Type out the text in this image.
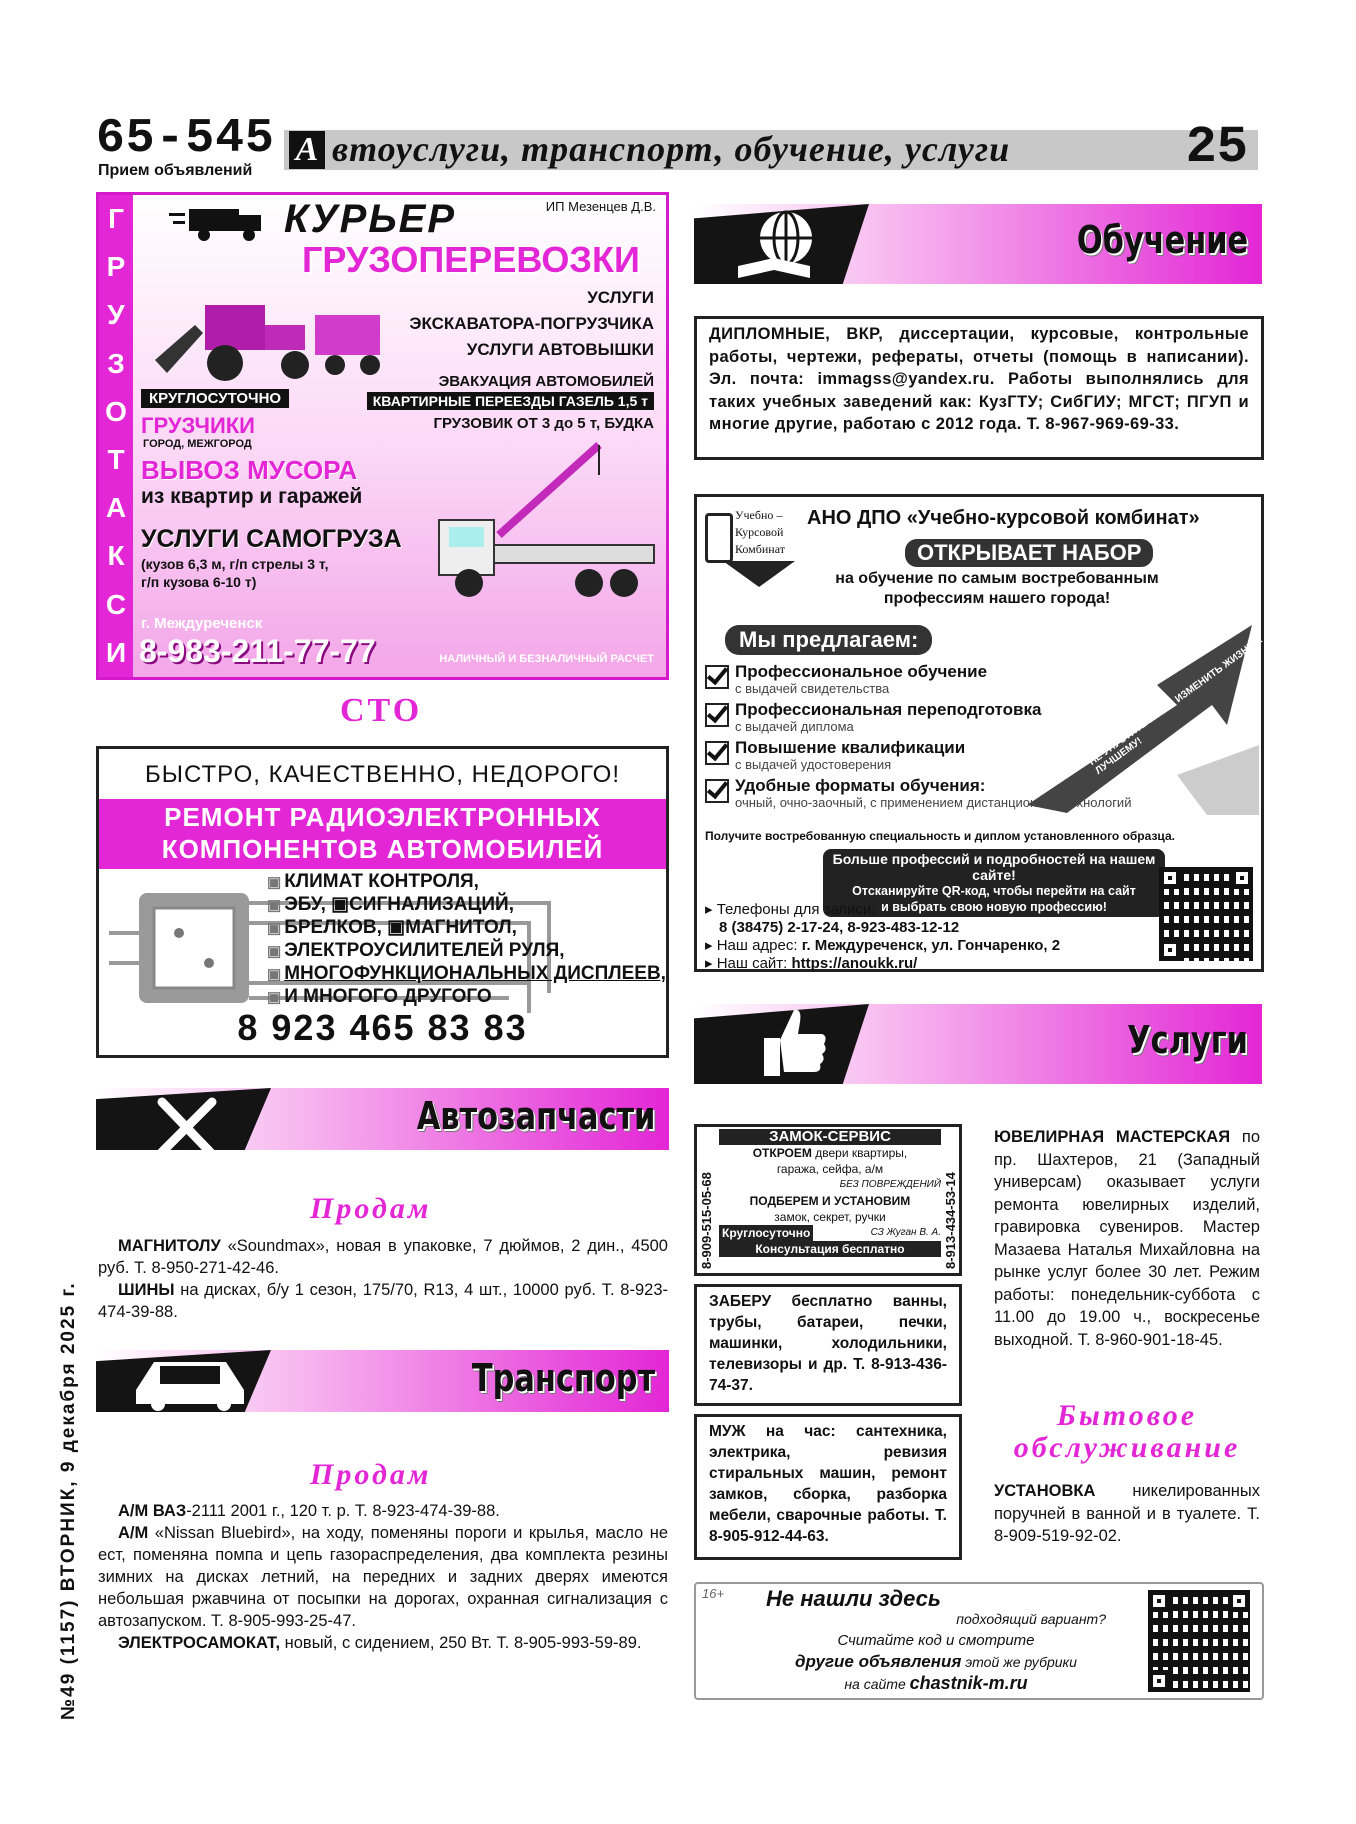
65-545
Прием объявлений
А втоуслуги, транспорт, обучение, услуги	25
№49 (1157) ВТОРНИК, 9 декабря 2025 г.
Г
Р
У
З
О
Т
А
К
С
И
ИП Мезенцев Д.В.
КУРЬЕР
ГРУЗОПЕРЕВОЗКИ
УСЛУГИ
ЭКСКАВАТОРА-ПОГРУЗЧИКА
УСЛУГИ АВТОВЫШКИ
ЭВАКУАЦИЯ АВТОМОБИЛЕЙ
КРУГЛОСУТОЧНО	КВАРТИРНЫЕ ПЕРЕЕЗДЫ ГАЗЕЛЬ 1,5 т
ГРУЗЧИКИ	ГРУЗОВИК ОТ 3 до 5 т, БУДКА
ГОРОД, МЕЖГОРОД
ВЫВОЗ МУСОРА
из квартир и гаражей
УСЛУГИ САМОГРУЗА
(кузов 6,3 м, г/п стрелы 3 т,
г/п кузова 6-10 т)
г. Междуреченск
8-983-211-77-77	НАЛИЧНЫЙ И БЕЗНАЛИЧНЫЙ РАСЧЕТ
СТО
БЫСТРО, КАЧЕСТВЕННО, НЕДОРОГО!
РЕМОНТ РАДИОЭЛЕКТРОННЫХ
КОМПОНЕНТОВ АВТОМОБИЛЕЙ
▣ КЛИМАТ КОНТРОЛЯ,
▣ ЭБУ, ▣СИГНАЛИЗАЦИЙ,
▣ БРЕЛКОВ, ▣МАГНИТОЛ,
▣ ЭЛЕКТРОУСИЛИТЕЛЕЙ РУЛЯ,
▣ МНОГОФУНКЦИОНАЛЬНЫХ ДИСПЛЕЕВ,
▣ И МНОГОГО ДРУГОГО
8 923 465 83 83
Автозапчасти
Продам
МАГНИТОЛУ «Soundmax», новая в упаковке, 7 дюймов, 2 дин., 4500 руб. Т. 8-950-271-42-46.
ШИНЫ на дисках, б/у 1 сезон, 175/70, R13, 4 шт., 10000 руб. Т. 8-923-474-39-88.
Транспорт
Продам
А/М ВАЗ-2111 2001 г., 120 т. р. Т. 8-923-474-39-88.
А/М «Nissan Bluebird», на ходу, поменяны пороги и крылья, масло не ест, поменяна помпа и цепь газораспределения, два комплекта резины зимних на дисках летний, на передних и задних дверях имеются небольшая ржавчина от посыпки на дорогах, охранная сигнализация с автозапуском. Т. 8-905-993-25-47.
ЭЛЕКТРОСАМОКАТ, новый, с сидением, 250 Вт. Т. 8-905-993-59-89.
Обучение
ДИПЛОМНЫЕ, ВКР, диссертации, курсовые, контрольные работы, чертежи, рефераты, отчеты (помощь в написании). Эл. почта: immagss@yandex.ru. Работы выполнялись для таких учебных заведений как: КузГТУ; СибГИУ; МГСТ; ПГУП и многие другие, работаю с 2012 года. Т. 8-967-969-69-33.
Учебно –
Курсовой
Комбинат
АНО ДПО «Учебно-курсовой комбинат»
ОТКРЫВАЕТ НАБОР
на обучение по самым востребованным профессиям нашего города!
НЕ УПУСТИТЕ ШАНС ИЗМЕНИТЬ ЖИЗНЬ К ЛУЧШЕМУ!
Мы предлагаем:
Профессиональное обучение
с выдачей свидетельства
Профессиональная переподготовка
с выдачей диплома
Повышение квалификации
с выдачей удостоверения
Удобные форматы обучения:
очный, очно-заочный, с применением дистанционных технологий
Получите востребованную специальность и диплом установленного образца.
Больше профессий и подробностей на нашем сайте!
Отсканируйте QR-код, чтобы перейти на сайт
и выбрать свою новую профессию!
▸ Телефоны для записи:
8 (38475) 2-17-24, 8-923-483-12-12
▸ Наш адрес: г. Междуреченск, ул. Гончаренко, 2
▸ Наш сайт: https://anoukk.ru/
Услуги
8-909-515-05-68	8-913-434-53-14
ЗАМОК-СЕРВИС
ОТКРОЕМ двери квартиры,
гаража, сейфа, а/м
БЕЗ ПОВРЕЖДЕНИЙ
ПОДБЕРЕМ И УСТАНОВИМ
замок, секрет, ручки
Круглосуточно	СЗ Жуган В. А.
Консультация бесплатно
ЗАБЕРУ бесплатно ванны, трубы, батареи, печки, машинки, холодильники, телевизоры и др. Т. 8-913-436-74-37.
МУЖ на час: сантехника, электрика, ревизия стиральных машин, ремонт замков, сборка, разборка мебели, сварочные работы. Т. 8-905-912-44-63.
ЮВЕЛИРНАЯ МАСТЕРСКАЯ по пр. Шахтеров, 21 (Западный универсам) оказывает услуги ремонта ювелирных изделий, гравировка сувениров. Мастер Мазаева Наталья Михайловна на рынке услуг более 30 лет. Режим работы: понедельник-суббота с 11.00 до 19.00 ч., воскресенье выходной. Т. 8-960-901-18-45.
Бытовое обслуживание
УСТАНОВКА никелированных поручней в ванной и в туалете. Т. 8-909-519-92-02.
16+	Не нашли здесь
подходящий вариант?
Считайте код и смотрите
другие объявления этой же рубрики
на сайте chastnik-m.ru
